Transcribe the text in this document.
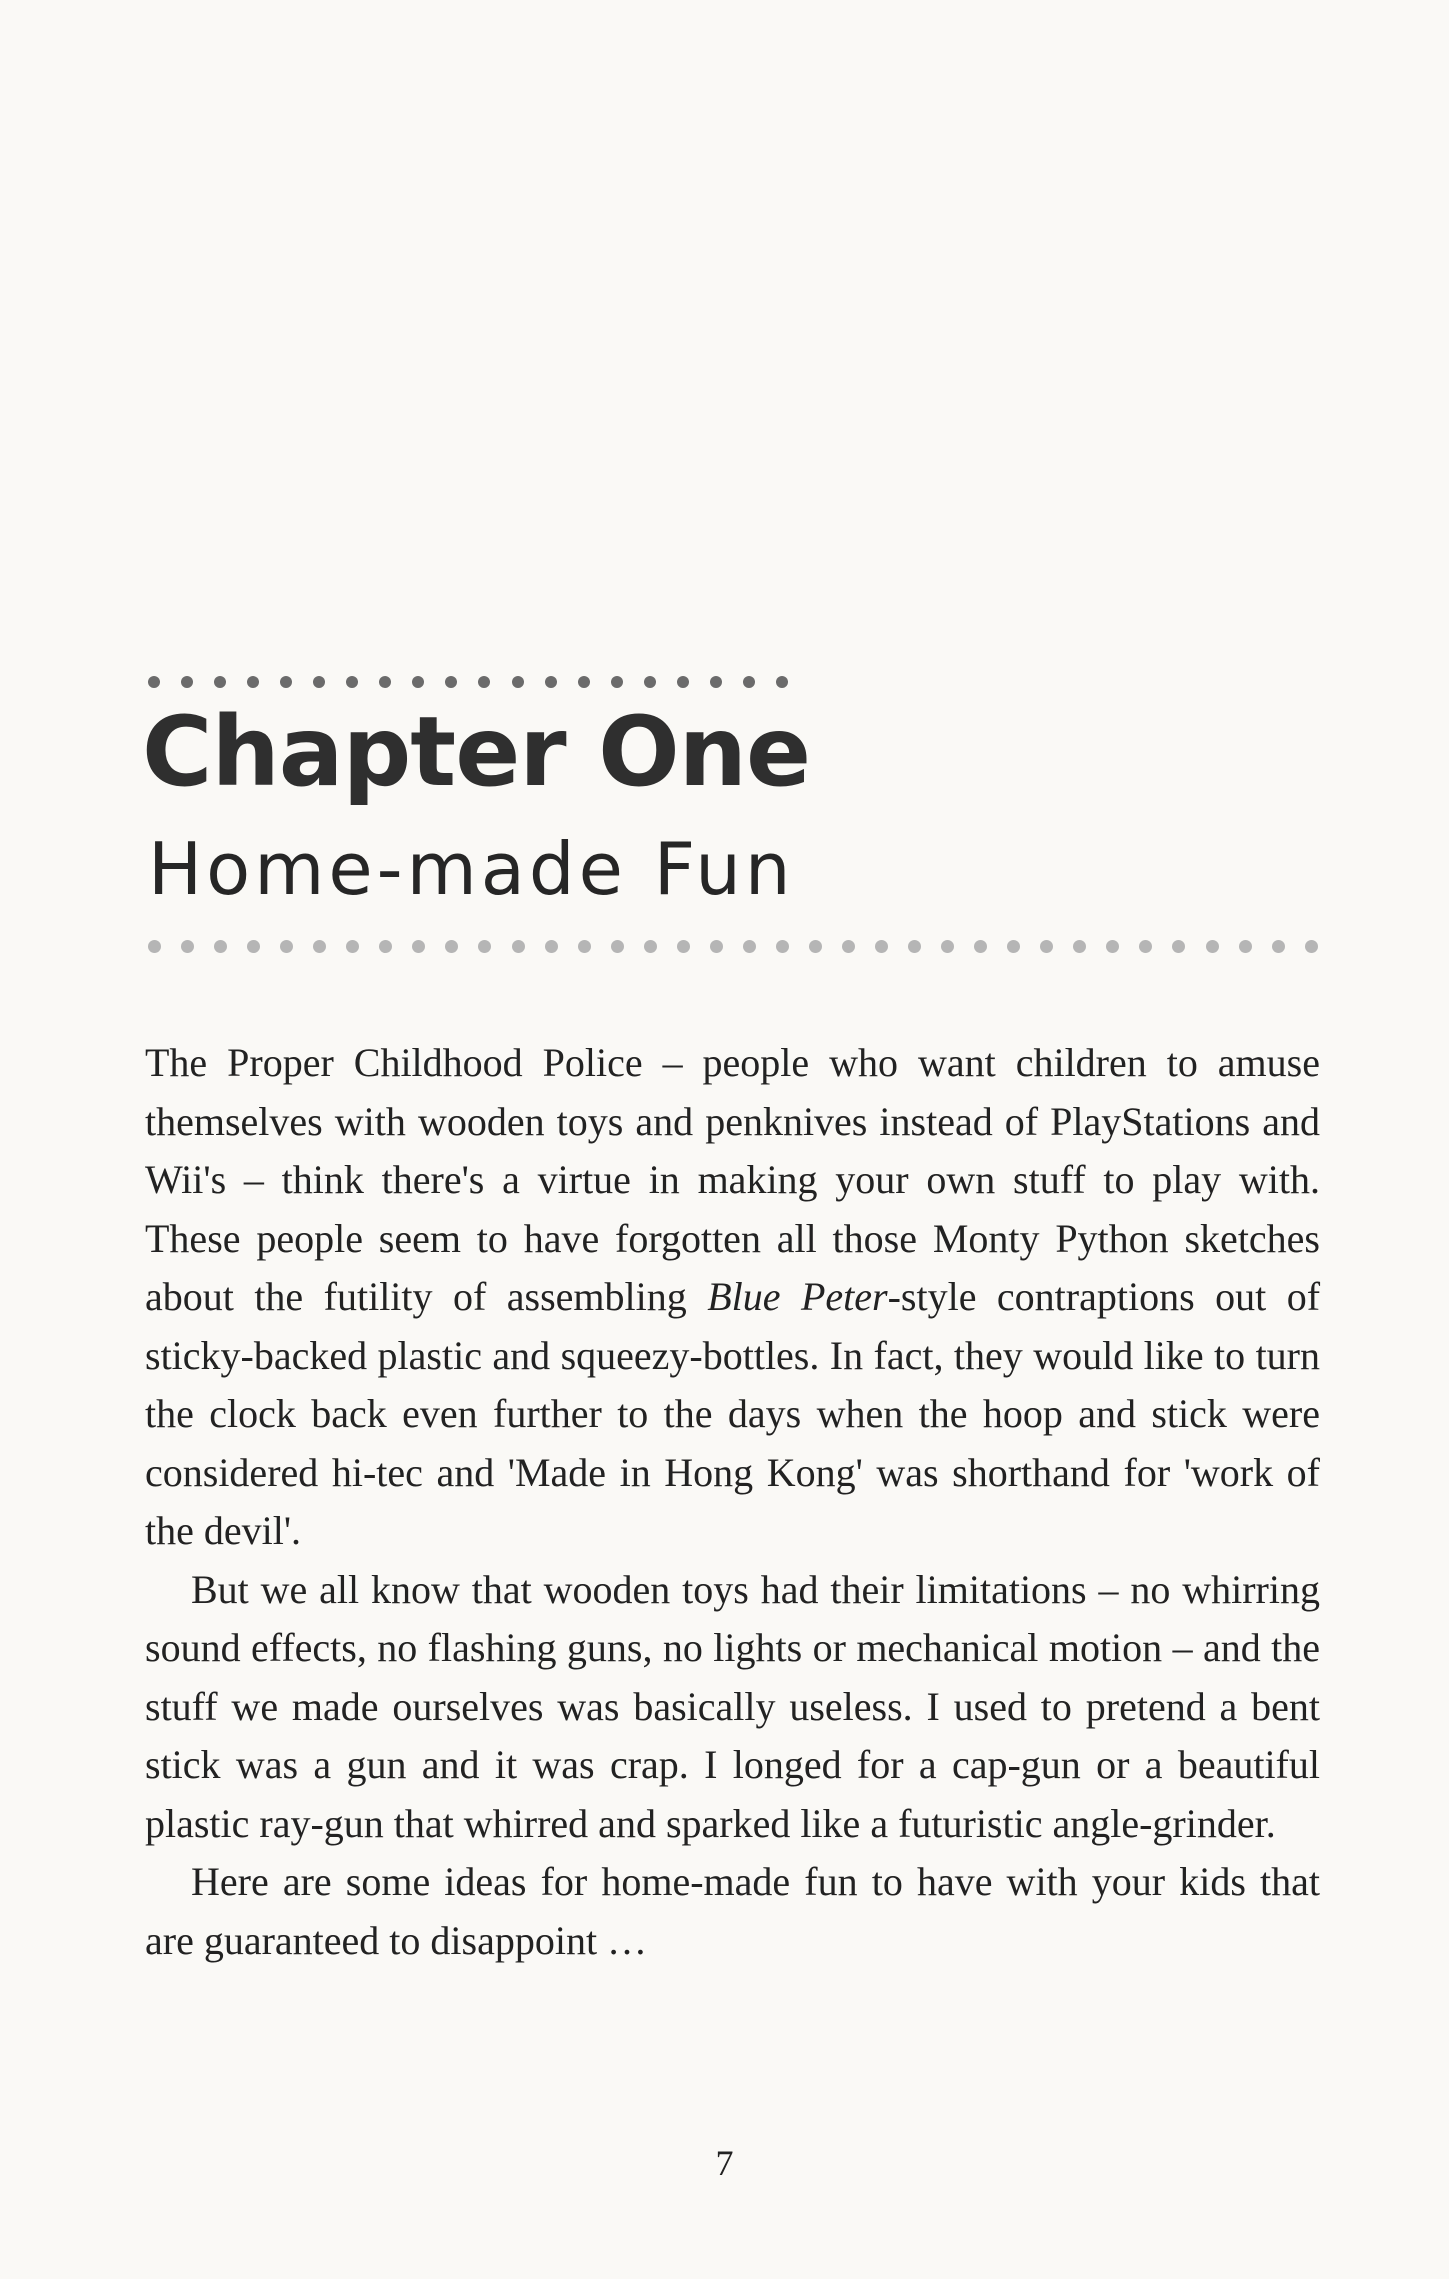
Chapter One
Home-made Fun

The Proper Childhood Police – people who want children to amuse themselves with wooden toys and penknives instead of PlayStations and Wii's – think there's a virtue in making your own stuff to play with. These people seem to have forgotten all those Monty Python sketches about the futility of assembling Blue Peter-style contraptions out of sticky-backed plastic and squeezy-bottles. In fact, they would like to turn the clock back even further to the days when the hoop and stick were considered hi-tec and 'Made in Hong Kong' was shorthand for 'work of the devil'.

But we all know that wooden toys had their limitations – no whirring sound effects, no flashing guns, no lights or mechanical motion – and the stuff we made ourselves was basically useless. I used to pretend a bent stick was a gun and it was crap. I longed for a cap-gun or a beautiful plastic ray-gun that whirred and sparked like a futuristic angle-grinder.

Here are some ideas for home-made fun to have with your kids that are guaranteed to disappoint …

7
